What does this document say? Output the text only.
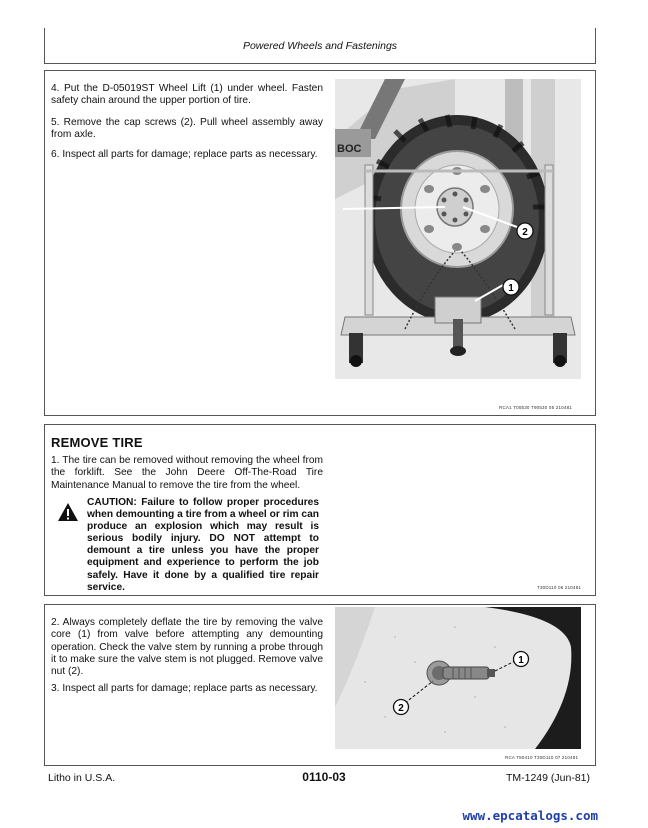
Powered Wheels and Fastenings

4. Put the D-05019ST Wheel Lift (1) under wheel. Fasten safety chain around the upper portion of tire.

5. Remove the cap screws (2). Pull wheel assembly away from axle.

6. Inspect all parts for damage; replace parts as necessary.

2
1
BOC
RCA1 T00530 T90530 05 210481
REMOVE TIRE

1. The tire can be removed without removing the wheel from the forklift. See the John Deere Off-The-Road Tire Maintenance Manual to remove the tire from the wheel.

CAUTION: Failure to follow proper procedures when demounting a tire from a wheel or rim can produce an explosion which may result is serious bodily injury. DO NOT attempt to demount a tire unless you have the proper equipment and experience to perform the job safely. Have it done by a qualified tire repair service.	T30D110 06 210481

2. Always completely deflate the tire by removing the valve core (1) from valve before attempting any demounting operation. Check the valve stem by running a probe through it to make sure the valve stem is not plugged. Remove valve nut (2).

3. Inspect all parts for damage; replace parts as necessary.

1
2
RCA T80410 T30D110 07 210481
Litho in U.S.A.	0110-03	TM-1249 (Jun-81)
www.epcatalogs.com
